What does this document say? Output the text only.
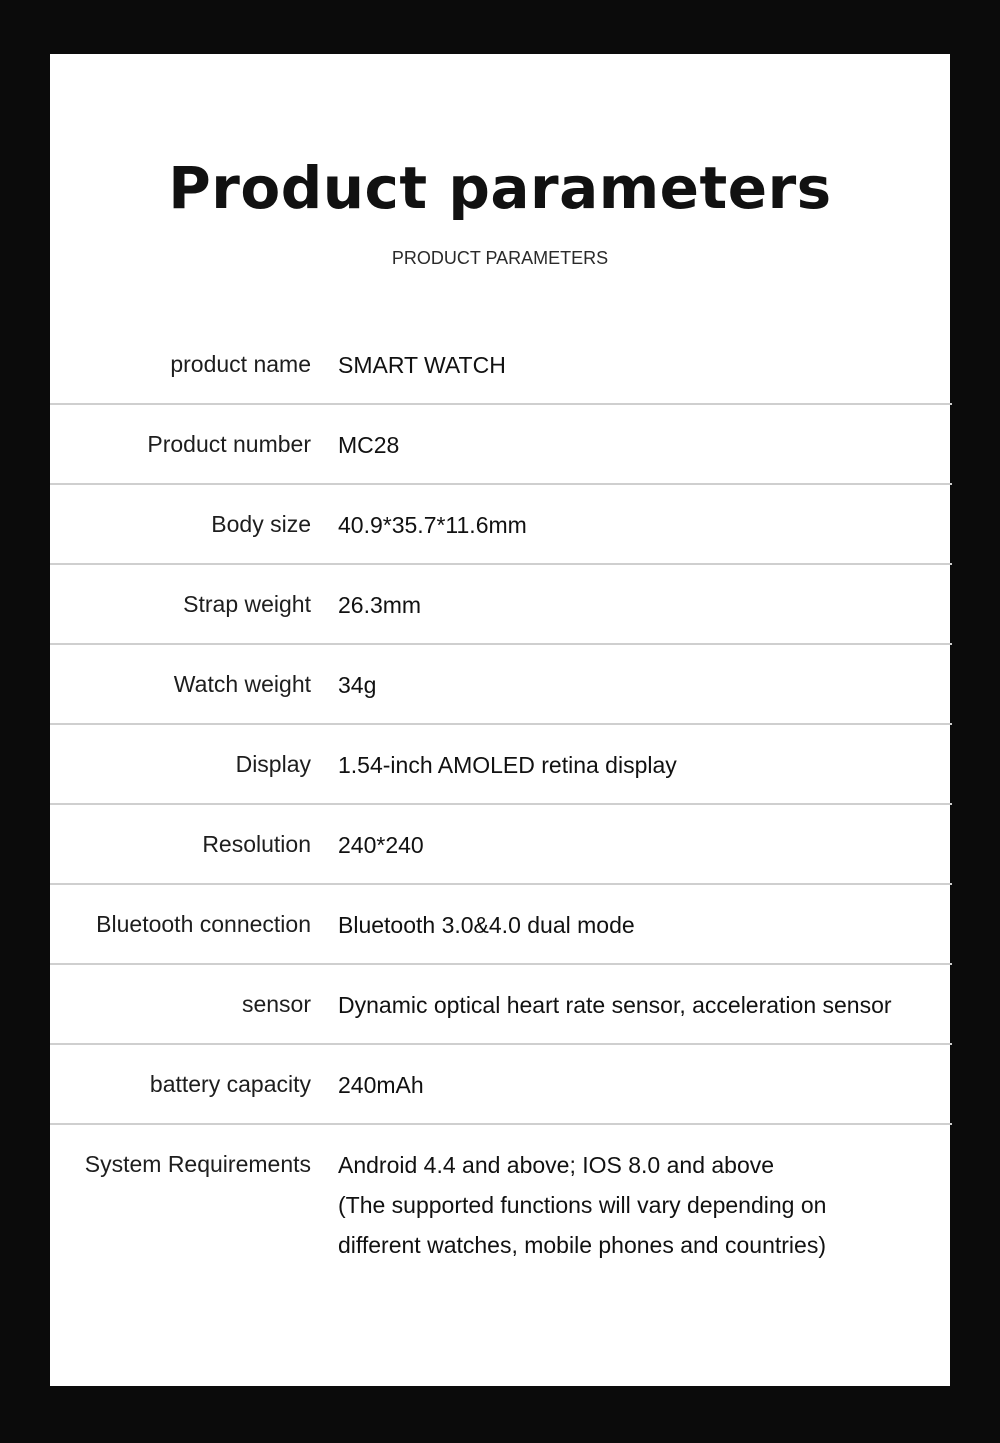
Product parameters
PRODUCT PARAMETERS
product name SMART WATCH
Product number MC28
Body size 40.9*35.7*11.6mm
Strap weight 26.3mm
Watch weight 34g
Display 1.54-inch AMOLED retina display
Resolution 240*240
Bluetooth connection Bluetooth 3.0&4.0 dual mode
sensor Dynamic optical heart rate sensor, acceleration sensor
battery capacity 240mAh
System Requirements Android 4.4 and above; IOS 8.0 and above
(The supported functions will vary depending on
different watches, mobile phones and countries)
